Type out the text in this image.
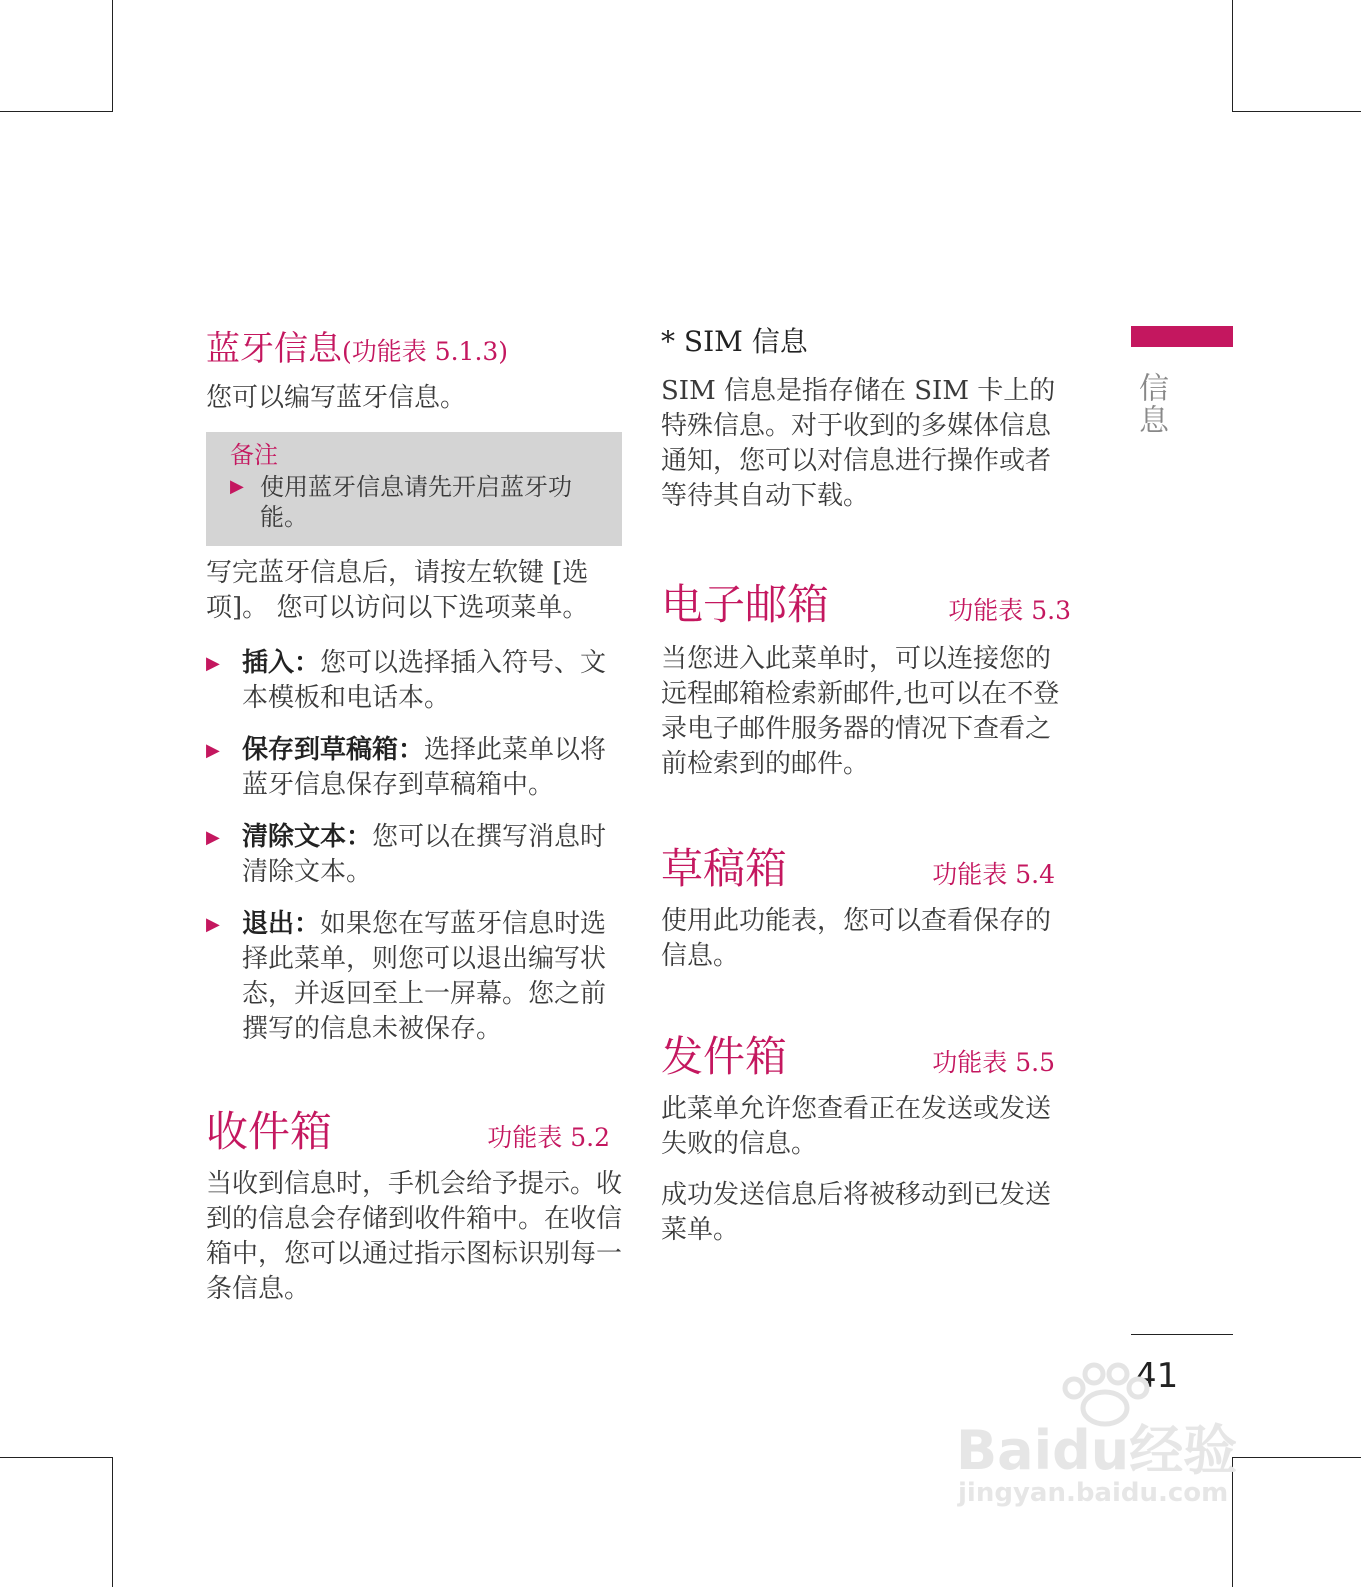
蓝牙信息(功能表 5.1.3)

您可以编写蓝牙信息。

备注
▶ 使用蓝牙信息请先开启蓝牙功能。

写完蓝牙信息后，请按左软键 [选项]。 您可以访问以下选项菜单。

▶ 插入：您可以选择插入符号、文本模板和电话本。
▶ 保存到草稿箱：选择此菜单以将蓝牙信息保存到草稿箱中。
▶ 清除文本：您可以在撰写消息时清除文本。
▶ 退出：如果您在写蓝牙信息时选择此菜单，则您可以退出编写状态，并返回至上一屏幕。您之前撰写的信息未被保存。
收件箱	功能表 5.2

当收到信息时，手机会给予提示。收到的信息会存储到收件箱中。在收信箱中，您可以通过指示图标识别每一条信息。

* SIM 信息

SIM 信息是指存储在 SIM 卡上的特殊信息。对于收到的多媒体信息通知，您可以对信息进行操作或者等待其自动下载。

电子邮箱	功能表 5.3

当您进入此菜单时，可以连接您的远程邮箱检索新邮件,也可以在不登录电子邮件服务器的情况下查看之前检索到的邮件。

草稿箱	功能表 5.4

使用此功能表，您可以查看保存的信息。

发件箱	功能表 5.5

此菜单允许您查看正在发送或发送失败的信息。

成功发送信息后将被移动到已发送菜单。

信息
41
Baidu经验
jingyan.baidu.com
